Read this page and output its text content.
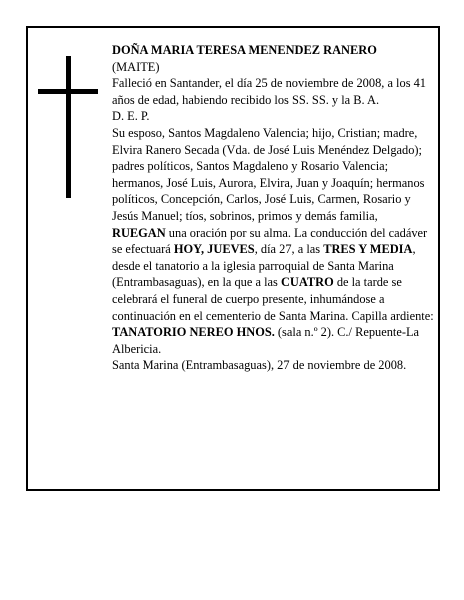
DOÑA MARIA TERESA MENENDEZ RANERO

(MAITE)

Falleció en Santander, el día 25 de noviembre de 2008, a los 41 años de edad, habiendo recibido los SS. SS. y la B. A.

D. E. P.

Su esposo, Santos Magdaleno Valencia; hijo, Cristian; madre, Elvira Ranero Secada (Vda. de José Luis Menéndez Delgado); padres políticos, Santos Magdaleno y Rosario Valencia; hermanos, José Luis, Aurora, Elvira, Juan y Joaquín; hermanos políticos, Concepción, Carlos, José Luis, Carmen, Rosario y Jesús Manuel; tíos, sobrinos, primos y demás familia, RUEGAN una oración por su alma. La conducción del cadáver se efectuará HOY, JUEVES, día 27, a las TRES Y MEDIA, desde el tanatorio a la iglesia parroquial de Santa Marina (Entrambasaguas), en la que a las CUATRO de la tarde se celebrará el funeral de cuerpo presente, inhumándose a continuación en el cementerio de Santa Marina. Capilla ardiente: TANATORIO NEREO HNOS. (sala n.º 2). C./ Repuente-La Albericia.

Santa Marina (Entrambasaguas), 27 de noviembre de 2008.
